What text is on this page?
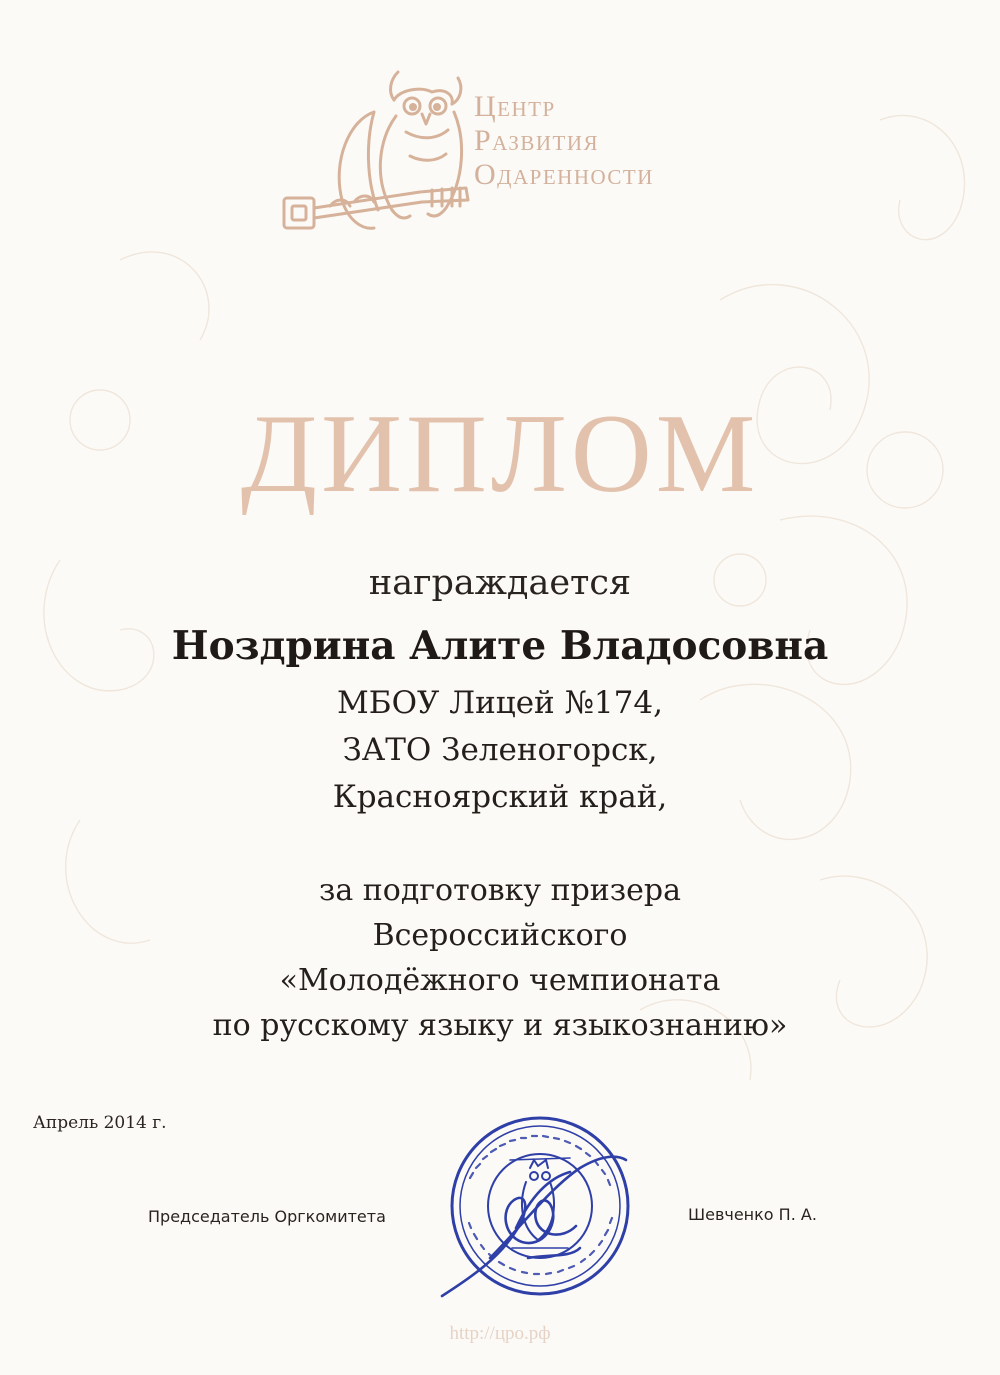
Центр
Развития
Одаренности
ДИПЛОМ
награждается
Ноздрина Алите Владосовна
МБОУ Лицей №174,
ЗАТО Зеленогорск,
Красноярский край,
за подготовку призера
Всероссийского
«Молодёжного чемпионата
по русскому языку и языкознанию»
Апрель 2014 г.
Председатель Оргкомитета	Шевченко П. А.
http://цро.рф
